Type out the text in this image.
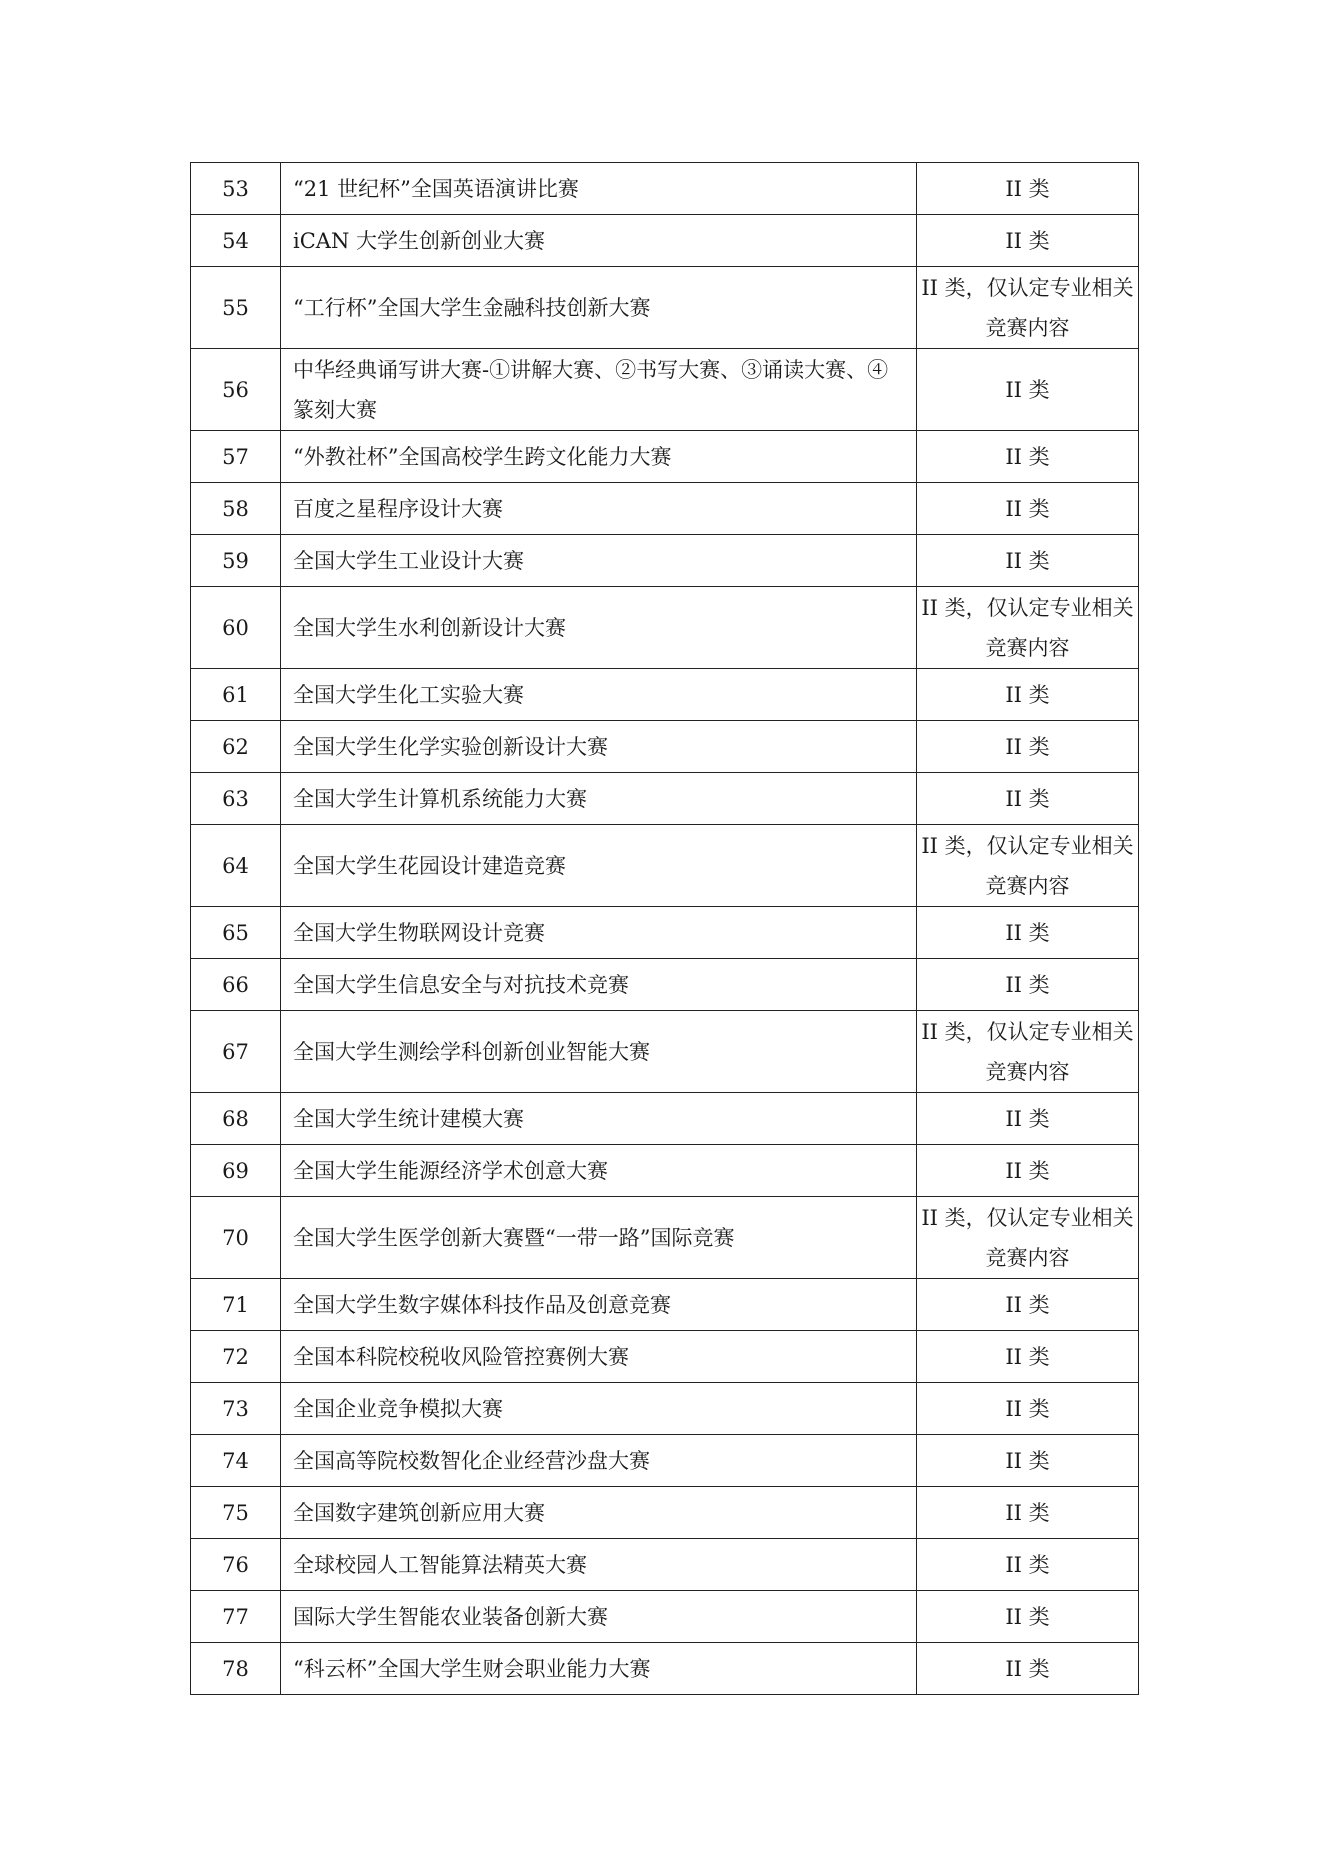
53	“21 世纪杯”全国英语演讲比赛	II 类
54	iCAN 大学生创新创业大赛	II 类
55	“工行杯”全国大学生金融科技创新大赛	II 类，仅认定专业相关竞赛内容
56	中华经典诵写讲大赛-①讲解大赛、②书写大赛、③诵读大赛、④篆刻大赛	II 类
57	“外教社杯”全国高校学生跨文化能力大赛	II 类
58	百度之星程序设计大赛	II 类
59	全国大学生工业设计大赛	II 类
60	全国大学生水利创新设计大赛	II 类，仅认定专业相关竞赛内容
61	全国大学生化工实验大赛	II 类
62	全国大学生化学实验创新设计大赛	II 类
63	全国大学生计算机系统能力大赛	II 类
64	全国大学生花园设计建造竞赛	II 类，仅认定专业相关竞赛内容
65	全国大学生物联网设计竞赛	II 类
66	全国大学生信息安全与对抗技术竞赛	II 类
67	全国大学生测绘学科创新创业智能大赛	II 类，仅认定专业相关竞赛内容
68	全国大学生统计建模大赛	II 类
69	全国大学生能源经济学术创意大赛	II 类
70	全国大学生医学创新大赛暨“一带一路”国际竞赛	II 类，仅认定专业相关竞赛内容
71	全国大学生数字媒体科技作品及创意竞赛	II 类
72	全国本科院校税收风险管控赛例大赛	II 类
73	全国企业竞争模拟大赛	II 类
74	全国高等院校数智化企业经营沙盘大赛	II 类
75	全国数字建筑创新应用大赛	II 类
76	全球校园人工智能算法精英大赛	II 类
77	国际大学生智能农业装备创新大赛	II 类
78	“科云杯”全国大学生财会职业能力大赛	II 类
